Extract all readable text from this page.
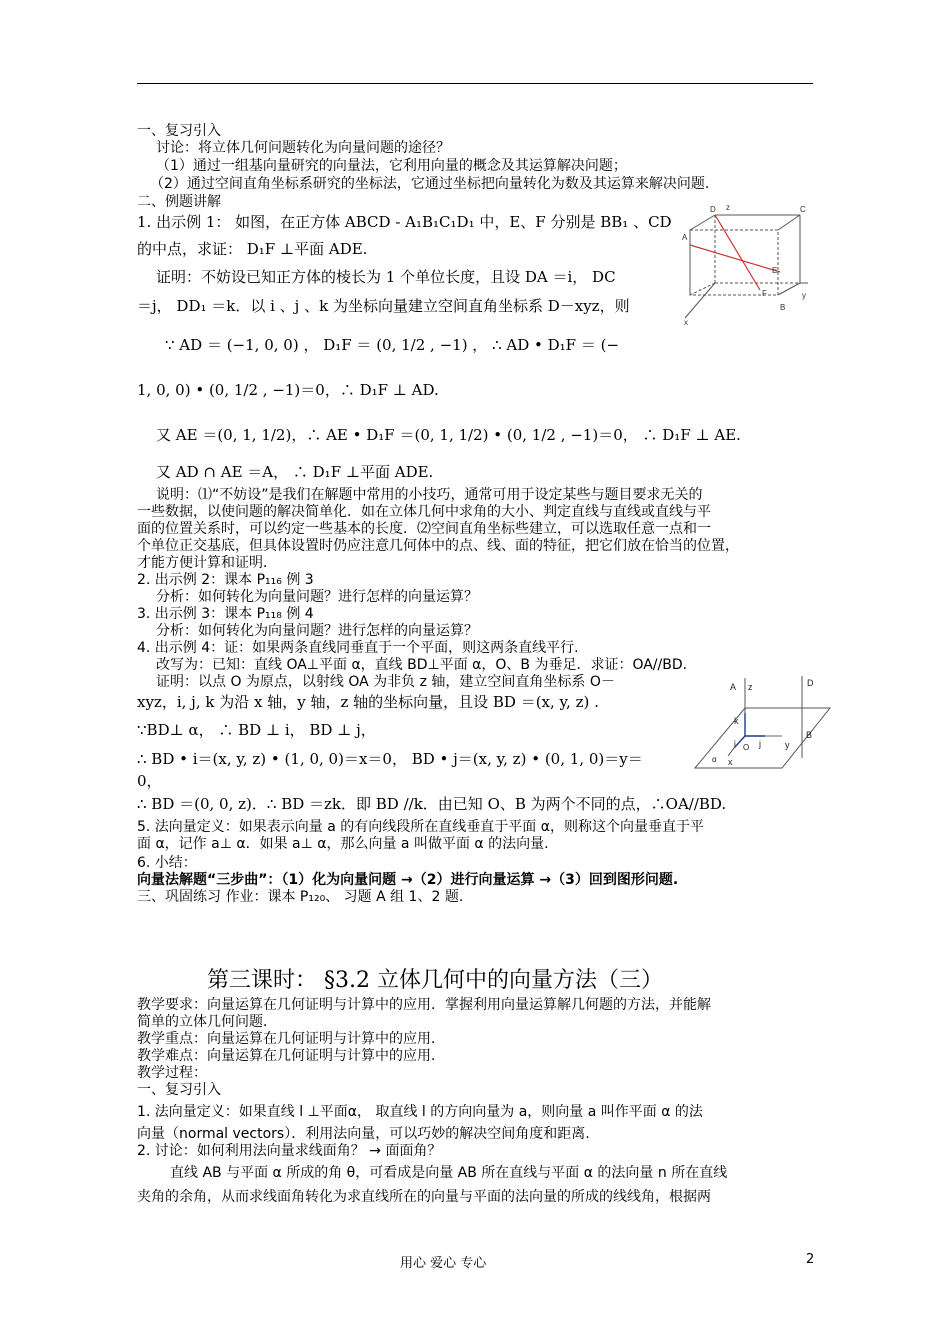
一、复习引入
讨论：将立体几何问题转化为向量问题的途径？
（1）通过一组基向量研究的向量法，它利用向量的概念及其运算解决问题；
（2）通过空间直角坐标系研究的坐标法，它通过坐标把向量转化为数及其运算来解决问题.
二、例题讲解
1. 出示例 1： 如图，在正方体 ABCD - A₁B₁C₁D₁ 中，E、F 分别是 BB₁ 、CD
的中点，求证： D₁F ⊥平面 ADE.
证明：不妨设已知正方体的棱长为 1 个单位长度，且设 DA ＝i， DC
＝j， DD₁ ＝k．以 i 、j 、k 为坐标向量建立空间直角坐标系 D－xyz，则
∵ AD ＝ (−1, 0, 0) ， D₁F ＝ (0, 1/2 , −1) ， ∴ AD • D₁F ＝ (−
1, 0, 0) • (0, 1/2 , −1)＝0，∴ D₁F ⊥ AD.
又 AE ＝(0, 1, 1/2)，∴ AE • D₁F ＝(0, 1, 1/2) • (0, 1/2 , −1)＝0， ∴ D₁F ⊥ AE.
又 AD ∩ AE ＝A， ∴ D₁F ⊥平面 ADE.
说明：⑴“不妨设”是我们在解题中常用的小技巧，通常可用于设定某些与题目要求无关的
一些数据，以使问题的解决简单化．如在立体几何中求角的大小、判定直线与直线或直线与平
面的位置关系时，可以约定一些基本的长度．⑵空间直角坐标些建立，可以选取任意一点和一
个单位正交基底，但具体设置时仍应注意几何体中的点、线、面的特征，把它们放在恰当的位置，
才能方便计算和证明．
2. 出示例 2：课本 P₁₁₆ 例 3
分析：如何转化为向量问题？进行怎样的向量运算？
3. 出示例 3：课本 P₁₁₈ 例 4
分析：如何转化为向量问题？进行怎样的向量运算？
4. 出示例 4：证：如果两条直线同垂直于一个平面，则这两条直线平行.
改写为：已知：直线 OA⊥平面 α，直线 BD⊥平面 α，O、B 为垂足．求证：OA//BD.
证明：以点 O 为原点，以射线 OA 为非负 z 轴，建立空间直角坐标系 O－
xyz，i, j, k 为沿 x 轴，y 轴，z 轴的坐标向量，且设 BD ＝(x, y, z) .
∵BD⊥ α， ∴ BD ⊥ i， BD ⊥ j，
∴ BD • i＝(x, y, z) • (1, 0, 0)＝x＝0， BD • j＝(x, y, z) • (0, 1, 0)＝y＝
0，
∴ BD ＝(0, 0, z)．∴ BD ＝zk．即 BD //k．由已知 O、B 为两个不同的点，∴OA//BD.
5. 法向量定义：如果表示向量 a 的有向线段所在直线垂直于平面 α，则称这个向量垂直于平
面 α，记作 a⊥ α．如果 a⊥ α，那么向量 a 叫做平面 α 的法向量.
6. 小结：
向量法解题“三步曲”：（1）化为向量问题 →（2）进行向量运算 →（3）回到图形问题.
三、巩固练习 作业：课本 P₁₂₀、 习题 A 组 1、2 题.
第三课时： §3.2 立体几何中的向量方法（三）
教学要求：向量运算在几何证明与计算中的应用．掌握利用向量运算解几何题的方法，并能解
简单的立体几何问题．
教学重点：向量运算在几何证明与计算中的应用．
教学难点：向量运算在几何证明与计算中的应用．
教学过程：
一、复习引入
1. 法向量定义：如果直线 l ⊥平面α， 取直线 l 的方向向量为 a，则向量 a 叫作平面 α 的法
向量（normal vectors）．利用法向量，可以巧妙的解决空间角度和距离.
2. 讨论：如何利用法向量求线面角？ → 面面角？
直线 AB 与平面 α 所成的角 θ，可看成是向量 AB 所在直线与平面 α 的法向量 n 所在直线
夹角的余角，从而求线面角转化为求直线所在的向量与平面的法向量的所成的线线角，根据两
用心 爱心 专心	2
D z	C
A
E
F	y
B
x
A z	D
k
B
j	y
i O
x
α
